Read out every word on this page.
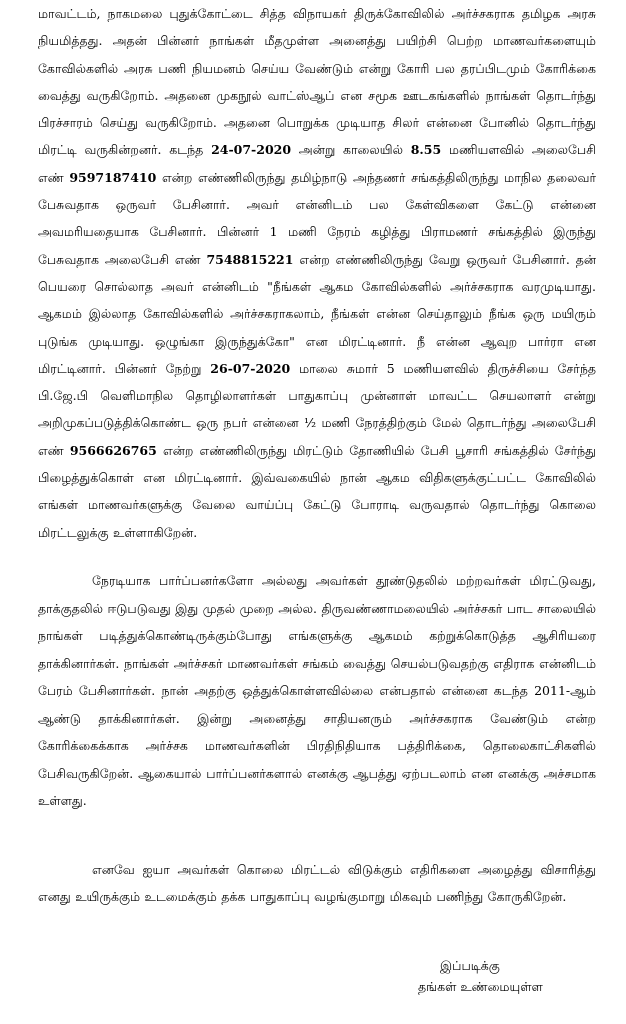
மாவட்டம், நாகமலை புதுக்கோட்டை சித்த விநாயகர் திருக்கோவிலில் அர்ச்சகராக தமிழக அரசு நியமித்தது. அதன் பின்னர் நாங்கள் மீதமுள்ள அனைத்து பயிற்சி பெற்ற மாணவர்களையும் கோவில்களில் அரசு பணி நியமனம் செய்ய வேண்டும் என்று கோரி பல தரப்பிடமும் கோரிக்கை வைத்து வருகிறோம். அதனை முகநூல் வாட்ஸ்ஆப் என சமூக ஊடகங்களில் நாங்கள் தொடர்ந்து பிரச்சாரம் செய்து வருகிறோம். அதனை பொறுக்க முடியாத சிலர் என்னை போனில் தொடர்ந்து மிரட்டி வருகின்றனர். கடந்த 24-07-2020 அன்று காலையில் 8.55 மணியளவில் அலைபேசி எண் 9597187410 என்ற எண்ணிலிருந்து தமிழ்நாடு அந்தணர் சங்கத்திலிருந்து மாநில தலைவர் பேசுவதாக ஒருவர் பேசினார். அவர் என்னிடம் பல கேள்விகளை கேட்டு என்னை அவமரியதையாக பேசினார். பின்னர் 1 மணி நேரம் கழித்து பிராமணர் சங்கத்தில் இருந்து பேசுவதாக அலைபேசி எண் 7548815221 என்ற எண்ணிலிருந்து வேறு ஒருவர் பேசினார். தன் பெயரை சொல்லாத அவர் என்னிடம் "நீங்கள் ஆகம கோவில்களில் அர்ச்சகராக வரமுடியாது. ஆகமம் இல்லாத கோவில்களில் அர்ச்சகராகலாம், நீங்கள் என்ன செய்தாலும் நீங்க ஒரு மயிரும் புடுங்க முடியாது. ஒழுங்கா இருந்துக்கோ" என மிரட்டினார். நீ என்ன ஆவுற பார்ரா என மிரட்டினார். பின்னர் நேற்று 26-07-2020 மாலை சுமார் 5 மணியளவில் திருச்சியை சேர்ந்த பி.ஜே.பி வெளிமாநில தொழிலாளர்கள் பாதுகாப்பு முன்னாள் மாவட்ட செயலாளர் என்று அறிமுகப்படுத்திக்கொண்ட ஒரு நபர் என்னை ½ மணி நேரத்திற்கும் மேல் தொடர்ந்து அலைபேசி எண் 9566626765 என்ற எண்ணிலிருந்து மிரட்டும் தோணியில் பேசி பூசாரி சங்கத்தில் சேர்ந்து பிழைத்துக்கொள் என மிரட்டினார். இவ்வகையில் நான் ஆகம விதிகளுக்குட்பட்ட கோவிலில் எங்கள் மாணவர்களுக்கு வேலை வாய்ப்பு கேட்டு போராடி வருவதால் தொடர்ந்து கொலை மிரட்டலுக்கு உள்ளாகிறேன்.

நேரடியாக பார்ப்பனர்களோ அல்லது அவர்கள் தூண்டுதலில் மற்றவர்கள் மிரட்டுவது, தாக்குதலில் ஈடுபடுவது இது முதல் முறை அல்ல. திருவண்ணாமலையில் அர்ச்சகர் பாட சாலையில் நாங்கள் படித்துக்கொண்டிருக்கும்போது எங்களுக்கு ஆகமம் கற்றுக்கொடுத்த ஆசிரியரை தாக்கினார்கள். நாங்கள் அர்ச்சகர் மாணவர்கள் சங்கம் வைத்து செயல்படுவதற்கு எதிராக என்னிடம் பேரம் பேசினார்கள். நான் அதற்கு ஒத்துக்கொள்ளவில்லை என்பதால் என்னை கடந்த 2011-ஆம் ஆண்டு தாக்கினார்கள். இன்று அனைத்து சாதியனரும் அர்ச்சகராக வேண்டும் என்ற கோரிக்கைக்காக அர்ச்சக மாணவர்களின் பிரதிநிதியாக பத்திரிக்கை, தொலைகாட்சிகளில் பேசிவருகிறேன். ஆகையால் பார்ப்பனர்களால் எனக்கு ஆபத்து ஏற்படலாம் என எனக்கு அச்சமாக உள்ளது.

எனவே ஐயா அவர்கள் கொலை மிரட்டல் விடுக்கும் எதிரிகளை அழைத்து விசாரித்து எனது உயிருக்கும் உடமைக்கும் தக்க பாதுகாப்பு வழங்குமாறு மிகவும் பணிந்து கோருகிறேன்.

இப்படிக்கு
தங்கள் உண்மையுள்ள
